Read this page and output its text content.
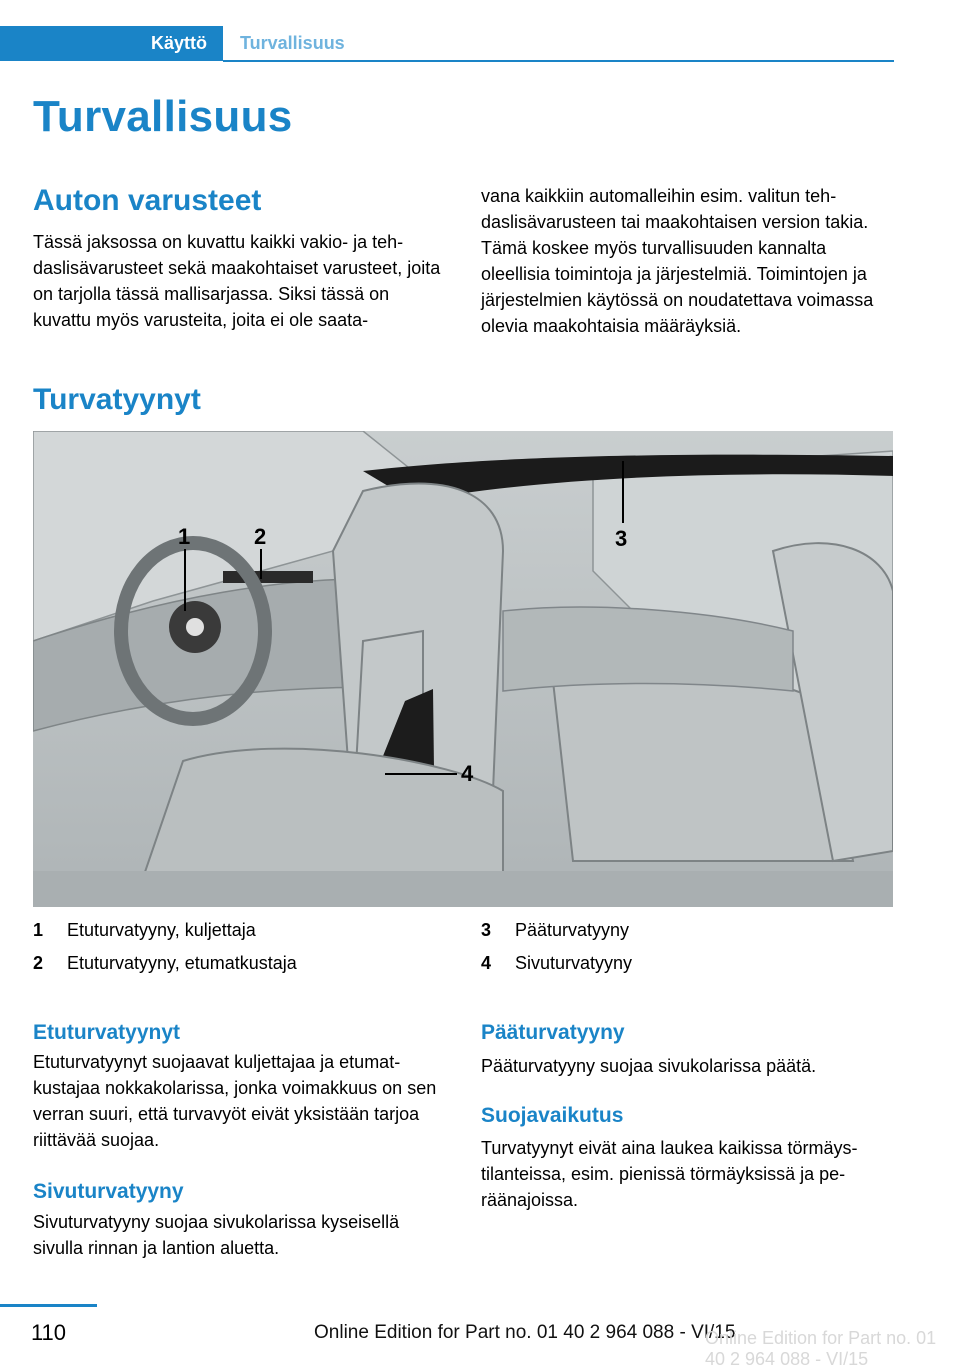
Käyttö	Turvallisuus
Turvallisuus
Auton varusteet

Tässä jaksossa on kuvattu kaikki vakio- ja tehdaslisävarusteet sekä maakohtaiset varusteet, joita on tarjolla tässä mallisarjassa. Siksi tässä on kuvattu myös varusteita, joita ei ole saata-

vana kaikkiin automalleihin esim. valitun tehdaslisävarusteen tai maakohtaisen version takia. Tämä koskee myös turvallisuuden kannalta oleellisia toimintoja ja järjestelmiä. Toimintojen ja järjestelmien käytössä on noudatettava voimassa olevia maakohtaisia määräyksiä.

Turvatyynyt
1	2	3
4
1	Etuturvatyyny, kuljettaja
2	Etuturvatyyny, etumatkustaja
3	Pääturvatyyny
4	Sivuturvatyyny
Etuturvatyynyt

Etuturvatyynyt suojaavat kuljettajaa ja etumatkustajaa nokkakolarissa, jonka voimakkuus on sen verran suuri, että turvavyöt eivät yksistään tarjoa riittävää suojaa.

Sivuturvatyyny

Sivuturvatyyny suojaa sivukolarissa kyseisellä sivulla rinnan ja lantion aluetta.

Pääturvatyyny

Pääturvatyyny suojaa sivukolarissa päätä.

Suojavaikutus

Turvatyynyt eivät aina laukea kaikissa törmäystilanteissa, esim. pienissä törmäyksissä ja peräänajoissa.

110	Online Edition for Part no. 01 40 2 964 088 - VI/15
Online Edition for Part no. 01 40 2 964 088 - VI/15
